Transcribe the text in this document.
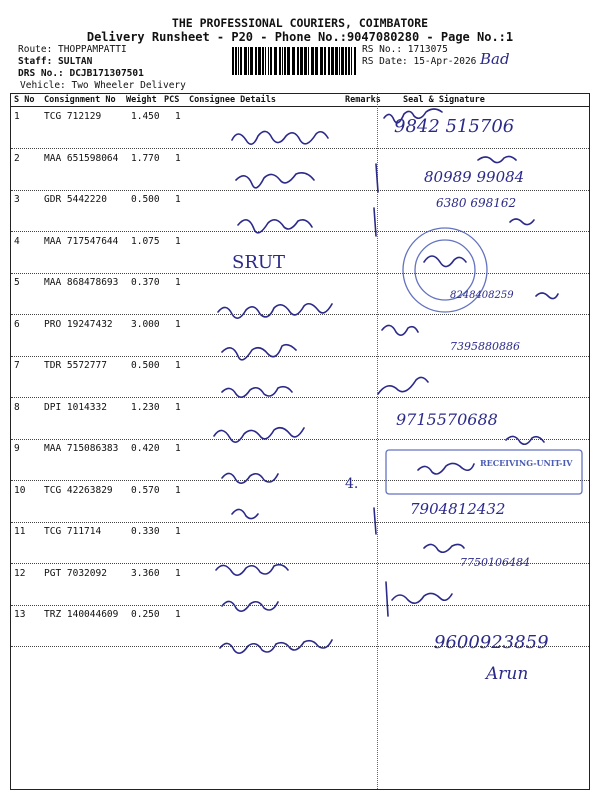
THE PROFESSIONAL COURIERS, COIMBATORE
Delivery Runsheet - P20 - Phone No.:9047080280 - Page No.:1
Route: THOPPAMPATTI
Staff: SULTAN
DRS No.: DCJB171307501
Vehicle: Two Wheeler Delivery
RS No.: 1713075
RS Date: 15-Apr-2026 Bad
S No Consignment No Weight PCS Consignee Details	Remarks	Seal & Signature
1	TCG 712129	1.450 1
2	MAA 651598064 1.770 1
3	GDR 5442220	0.500 1
4	MAA 717547644 1.075 1
5	MAA 868478693 0.370 1
6	PRO 19247432 3.000 1
7	TDR 5572777	0.500 1
8	DPI 1014332	1.230 1
9	MAA 715086383 0.420 1
10 TCG 42263829 0.570 1
11 TCG 711714	0.330 1
12 PGT 7032092	3.360 1
13 TRZ 140044609 0.250 1
SRUT
4.
9842 515706
80989 99084
6380 698162
8248408259
7395880886
9715570688
7904812432
7750106484
9600923859
Arun
RECEIVING-UNIT-IV
